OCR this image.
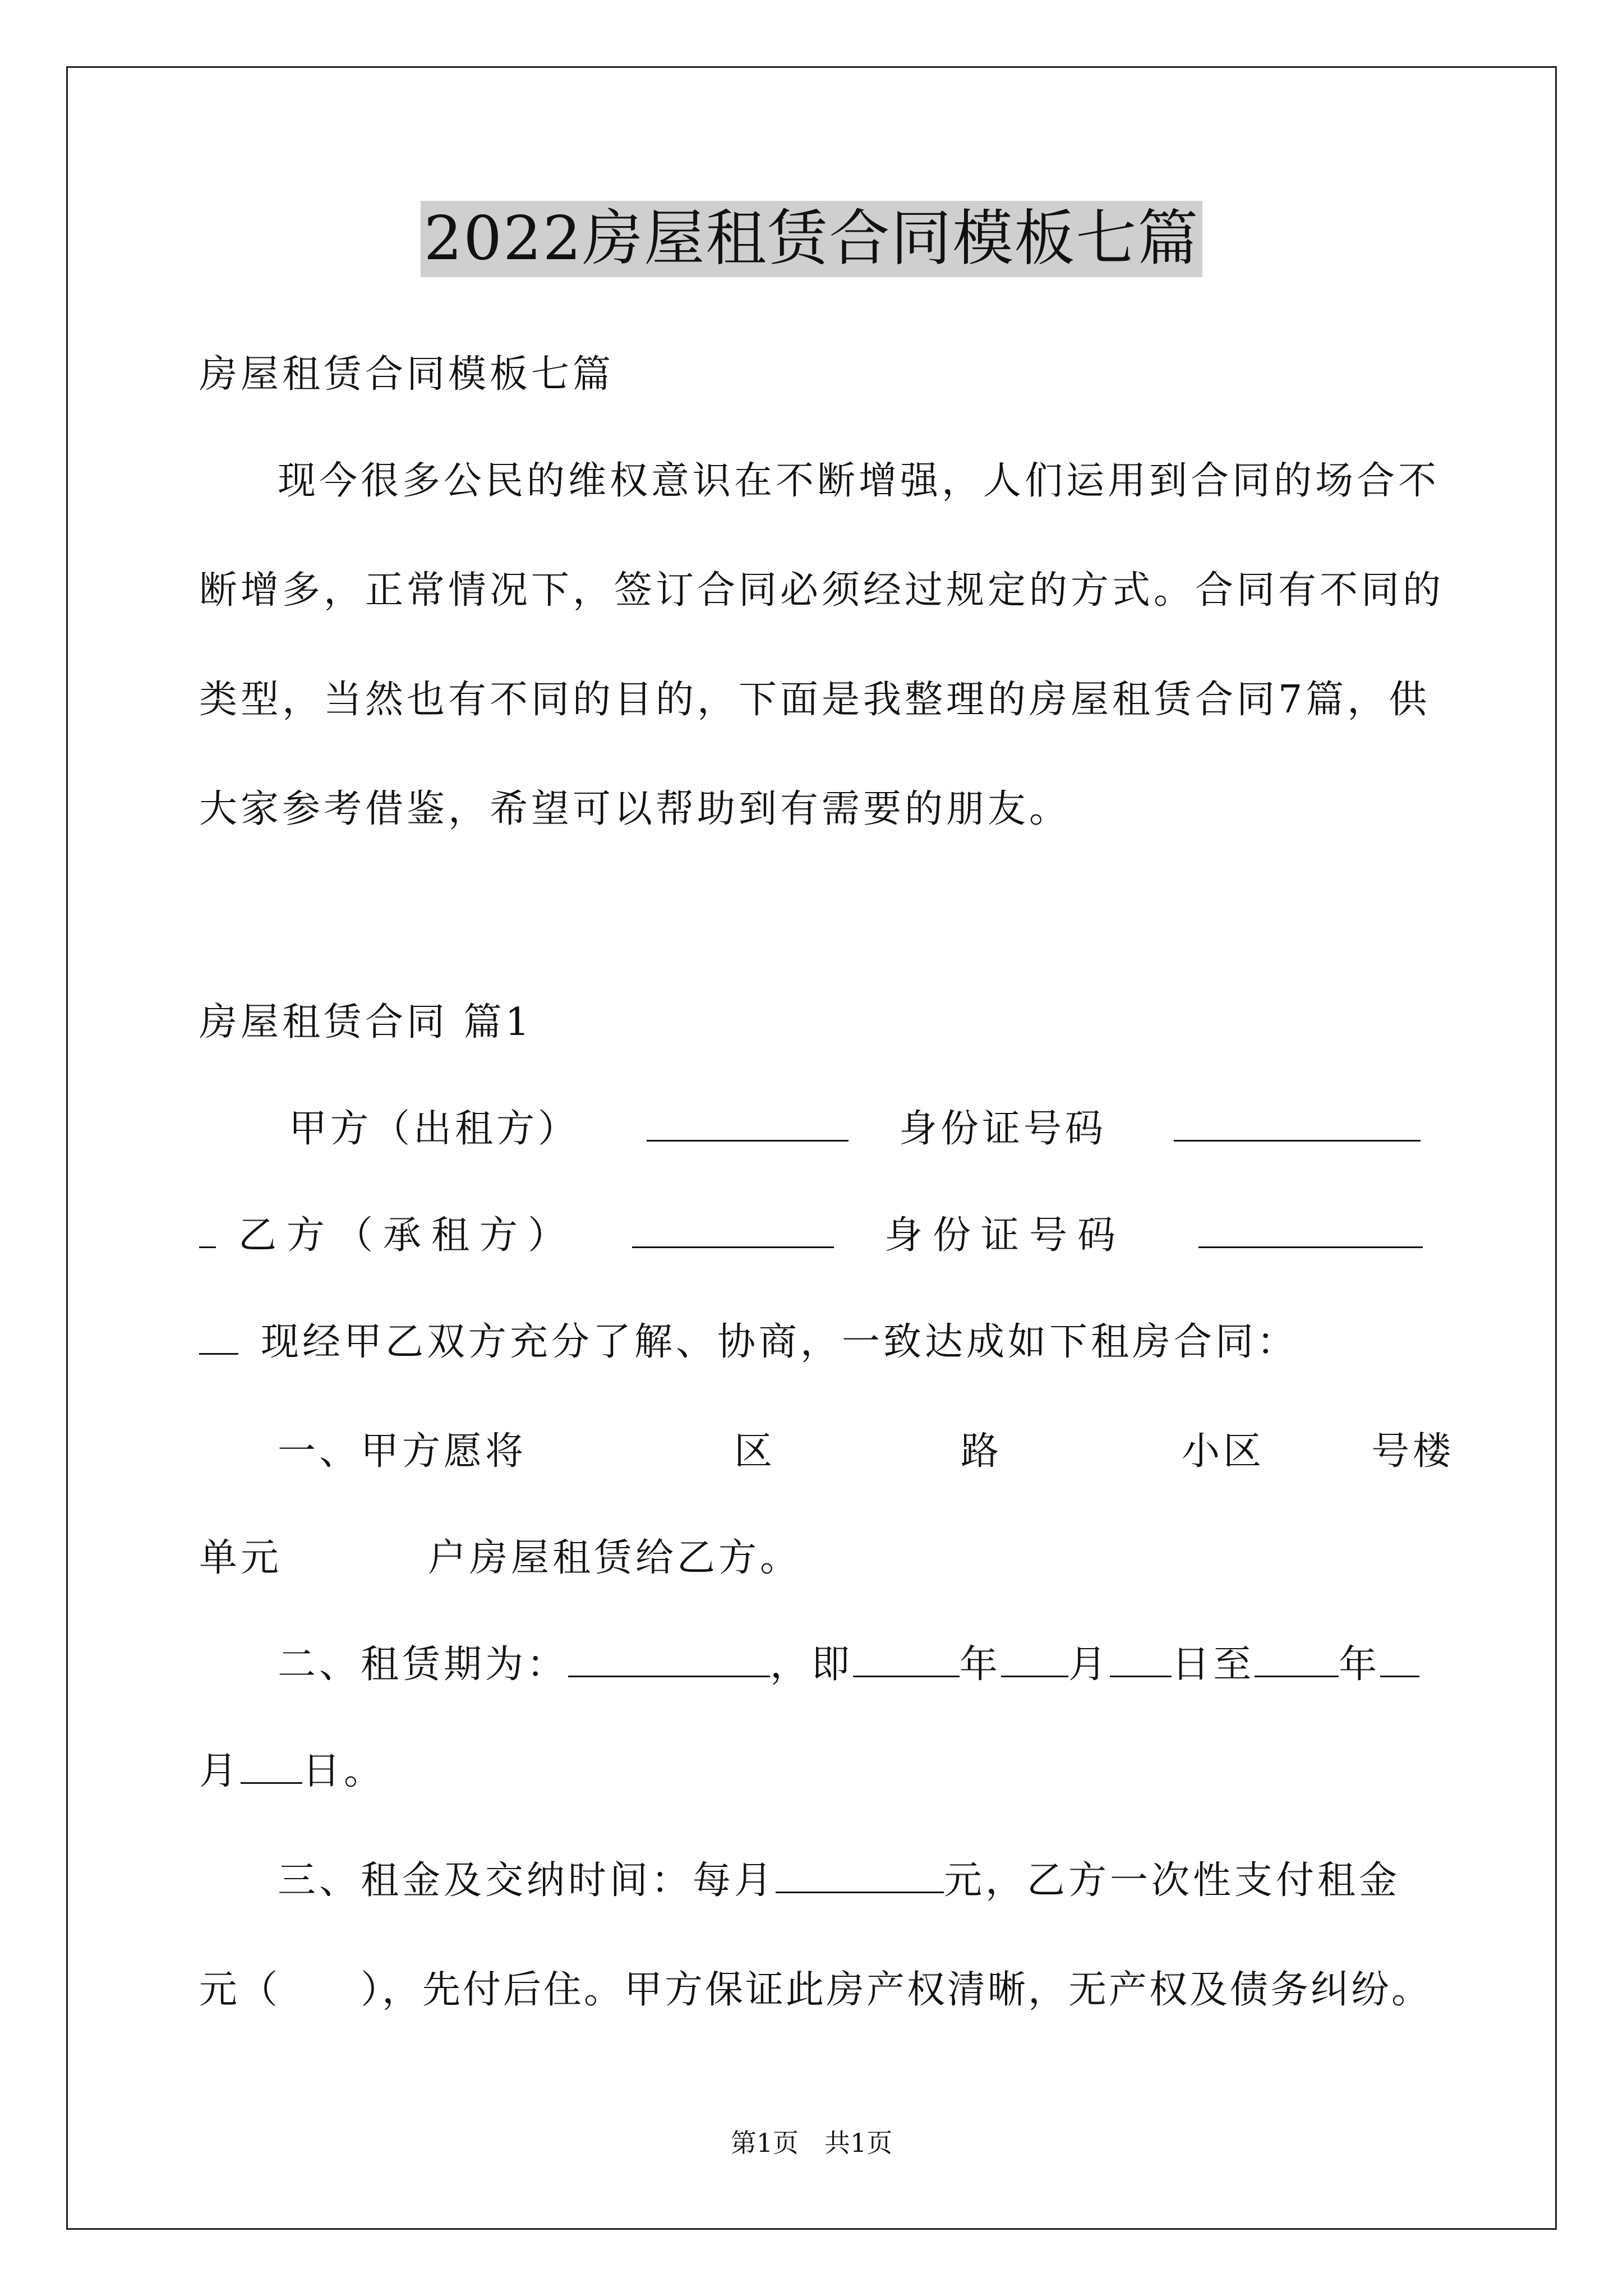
2022房屋租赁合同模板七篇
房屋租赁合同模板七篇
现今很多公民的维权意识在不断增强，人们运用到合同的场合不
断增多，正常情况下，签订合同必须经过规定的方式。合同有不同的
类型，当然也有不同的目的，下面是我整理的房屋租赁合同7篇，供
大家参考借鉴，希望可以帮助到有需要的朋友。
房屋租赁合同 篇1
甲方（出租方）	身份证号码
乙方（承租方）	身份证号码
现经甲乙双方充分了解、协商，一致达成如下租房合同：
一、甲方愿将	区	路	小区	号楼
单元	户房屋租赁给乙方。
二、租赁期为：	，即	年 月 日至 年
月 日。
三、租金及交纳时间：每月	元，乙方一次性支付租金
元（　　），先付后住。甲方保证此房产权清晰，无产权及债务纠纷。
第1页　共1页
